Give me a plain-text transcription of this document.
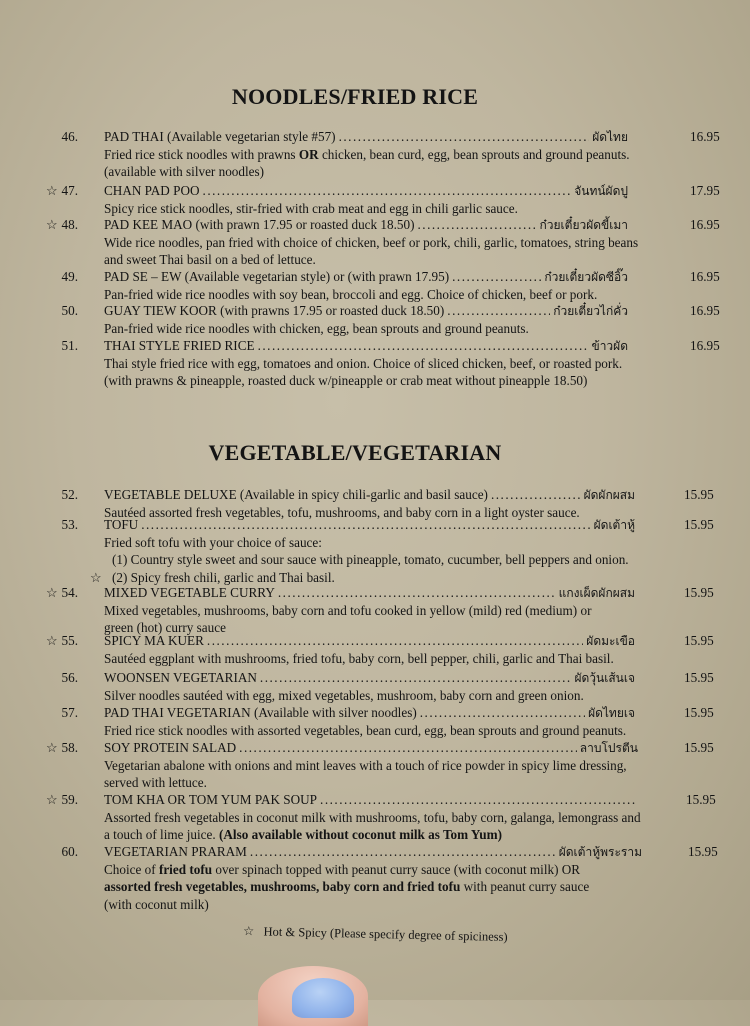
NOODLES/FRIED RICE
VEGETABLE/VEGETARIAN
46. PAD THAI (Available vegetarian style #57) .....	ผัดไทย	16.95
Fried rice stick noodles with prawns OR chicken, bean curd, egg, bean sprouts and ground peanuts.
(available with silver noodles)
☆ 47. CHAN PAD POO .....	จันทน์ผัดปู	17.95
Spicy rice stick noodles, stir-fried with crab meat and egg in chili garlic sauce.
☆ 48. PAD KEE MAO (with prawn 17.95 or roasted duck 18.50) .....	ก๋วยเตี๋ยวผัดขี้เมา	16.95
Wide rice noodles, pan fried with choice of chicken, beef or pork, chili, garlic, tomatoes, string beans
and sweet Thai basil on a bed of lettuce.
49. PAD SE – EW (Available vegetarian style) or (with prawn 17.95) .....	ก๋วยเตี๋ยวผัดซีอิ๊ว	16.95
Pan-fried wide rice noodles with soy bean, broccoli and egg. Choice of chicken, beef or pork.
50. GUAY TIEW KOOR (with prawns 17.95 or roasted duck 18.50) .....	ก๋วยเตี๋ยวไก่คั่ว	16.95
Pan-fried wide rice noodles with chicken, egg, bean sprouts and ground peanuts.
51. THAI STYLE FRIED RICE .....	ข้าวผัด	16.95
Thai style fried rice with egg, tomatoes and onion. Choice of sliced chicken, beef, or roasted pork.
(with prawns & pineapple, roasted duck w/pineapple or crab meat without pineapple 18.50)
52. VEGETABLE DELUXE (Available in spicy chili-garlic and basil sauce) .....	ผัดผักผสม	15.95
Sautéed assorted fresh vegetables, tofu, mushrooms, and baby corn in a light oyster sauce.
53. TOFU .....	ผัดเต้าหู้	15.95
Fried soft tofu with your choice of sauce:
(1) Country style sweet and sour sauce with pineapple, tomato, cucumber, bell peppers and onion.
(2) Spicy fresh chili, garlic and Thai basil.
☆
☆ 54. MIXED VEGETABLE CURRY .....	แกงเผ็ดผักผสม	15.95
Mixed vegetables, mushrooms, baby corn and tofu cooked in yellow (mild) red (medium) or
green (hot) curry sauce
☆ 55. SPICY MA KUER .....	ผัดมะเขือ	15.95
Sautéed eggplant with mushrooms, fried tofu, baby corn, bell pepper, chili, garlic and Thai basil.
56. WOONSEN VEGETARIAN .....	ผัดวุ้นเส้นเจ	15.95
Silver noodles sautéed with egg, mixed vegetables, mushroom, baby corn and green onion.
57. PAD THAI VEGETARIAN (Available with silver noodles) .....	ผัดไทยเจ	15.95
Fried rice stick noodles with assorted vegetables, bean curd, egg, bean sprouts and ground peanuts.
☆ 58. SOY PROTEIN SALAD .....	ลาบโปรตีน	15.95
Vegetarian abalone with onions and mint leaves with a touch of rice powder in spicy lime dressing,
served with lettuce.
☆ 59. TOM KHA OR TOM YUM PAK SOUP .....	15.95
Assorted fresh vegetables in coconut milk with mushrooms, tofu, baby corn, galanga, lemongrass and
a touch of lime juice. (Also available without coconut milk as Tom Yum)
60. VEGETARIAN PRARAM .....	ผัดเต้าหู้พระราม	15.95
Choice of fried tofu over spinach topped with peanut curry sauce (with coconut milk) OR
assorted fresh vegetables, mushrooms, baby corn and fried tofu with peanut curry sauce
(with coconut milk)
☆ Hot & Spicy (Please specify degree of spiciness)
